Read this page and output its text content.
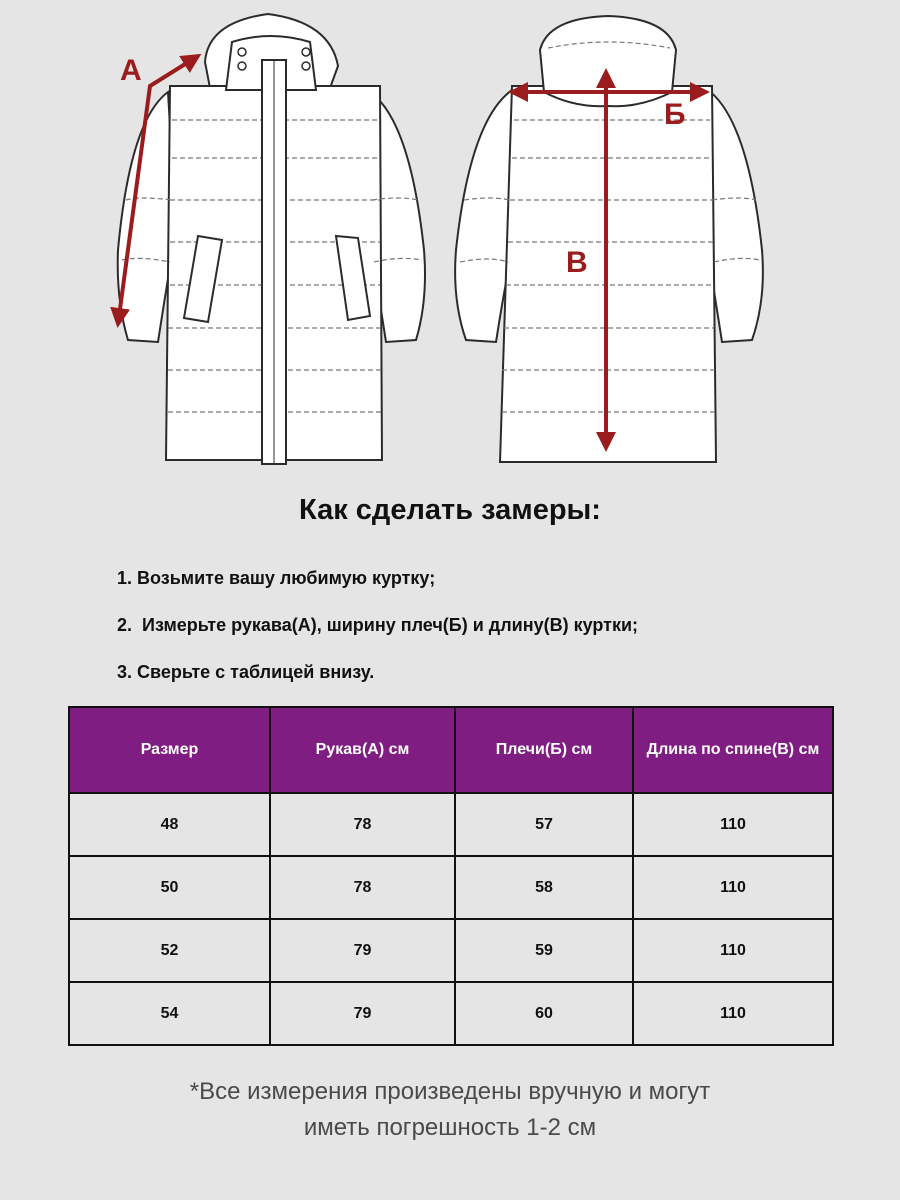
А
Б
В
Как сделать замеры:
1. Возьмите вашу любимую куртку;
2.  Измерьте рукава(А), ширину плеч(Б) и длину(В) куртки;
3. Сверьте с таблицей внизу.
Размер	Рукав(А) см	Плечи(Б) см	Длина по спине(В) см
48	78	57	110
50	78	58	110
52	79	59	110
54	79	60	110
*Все измерения произведены вручную и могут
иметь погрешность 1-2 см
